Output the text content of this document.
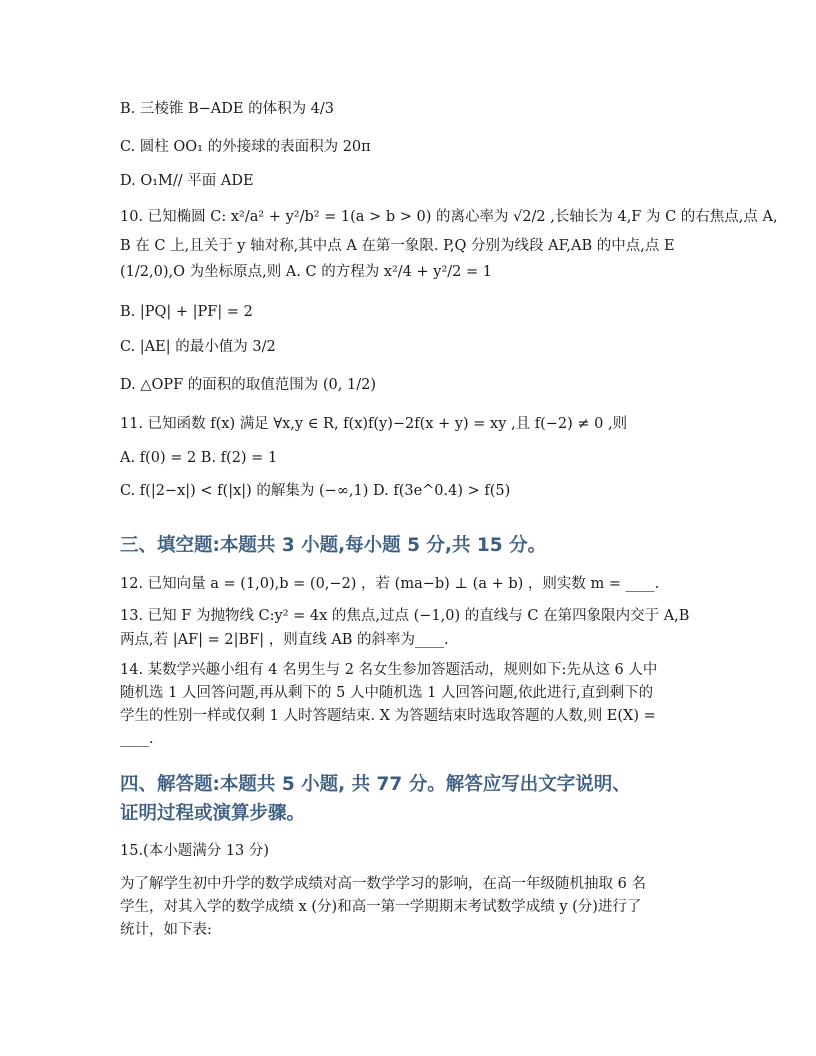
B. 三棱锥 B−ADE 的体积为 4/3
C. 圆柱 OO₁ 的外接球的表面积为 20π
D. O₁M// 平面 ADE
10. 已知椭圆 C: x²/a² + y²/b² = 1(a > b > 0) 的离心率为 √2/2 ,长轴长为 4,F 为 C 的右焦点,点 A,
B 在 C 上,且关于 y 轴对称,其中点 A 在第一象限. P,Q 分别为线段 AF,AB 的中点,点 E
(1/2,0),O 为坐标原点,则 A. C 的方程为 x²/4 + y²/2 = 1
B. |PQ| + |PF| = 2
C. |AE| 的最小值为 3/2
D. △OPF 的面积的取值范围为 (0, 1/2)
11. 已知函数 f(x) 满足 ∀x,y ∈ R, f(x)f(y)−2f(x + y) = xy ,且 f(−2) ≠ 0 ,则
A. f(0) = 2 B. f(2) = 1
C. f(|2−x|) < f(|x|) 的解集为 (−∞,1) D. f(3e^0.4) > f(5)
三、填空题:本题共 3 小题,每小题 5 分,共 15 分。
12. 已知向量 a = (1,0),b = (0,−2) ，若 (ma−b) ⊥ (a + b) ，则实数 m = ____.
13. 已知 F 为抛物线 C:y² = 4x 的焦点,过点 (−1,0) 的直线与 C 在第四象限内交于 A,B
两点,若 |AF| = 2|BF| ，则直线 AB 的斜率为____.
14. 某数学兴趣小组有 4 名男生与 2 名女生参加答题活动，规则如下:先从这 6 人中
随机选 1 人回答问题,再从剩下的 5 人中随机选 1 人回答问题,依此进行,直到剩下的
学生的性别一样或仅剩 1 人时答题结束. X 为答题结束时选取答题的人数,则 E(X) =
____.
四、解答题:本题共 5 小题, 共 77 分。解答应写出文字说明、
证明过程或演算步骤。
15.(本小题满分 13 分)
为了解学生初中升学的数学成绩对高一数学学习的影响，在高一年级随机抽取 6 名
学生，对其入学的数学成绩 x (分)和高一第一学期期末考试数学成绩 y (分)进行了
统计，如下表:
